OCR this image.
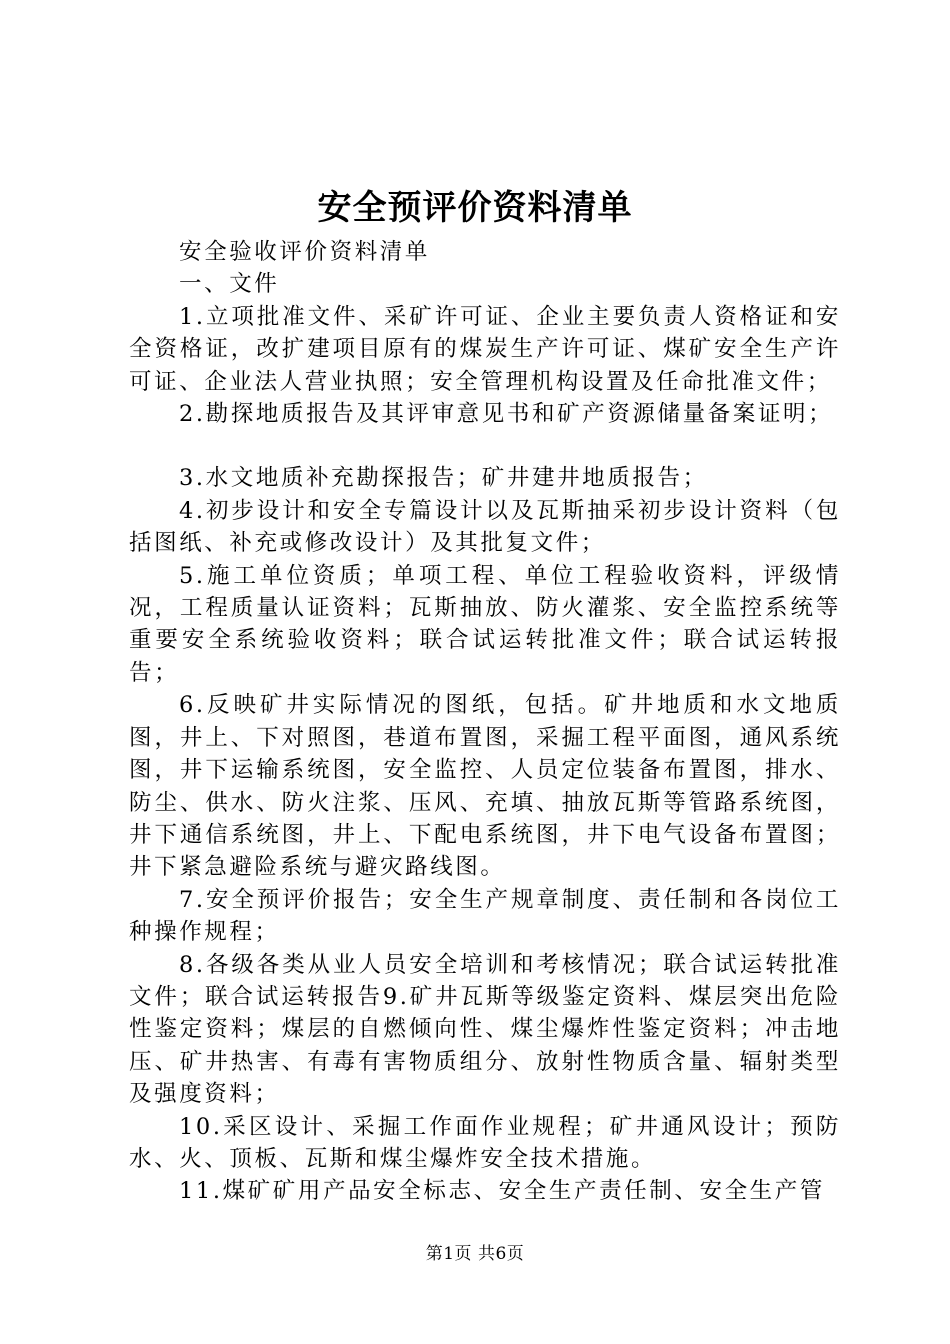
安全预评价资料清单

安全验收评价资料清单

一、文件

1.立项批准文件、采矿许可证、企业主要负责人资格证和安全资格证，改扩建项目原有的煤炭生产许可证、煤矿安全生产许可证、企业法人营业执照；安全管理机构设置及任命批准文件；

2.勘探地质报告及其评审意见书和矿产资源储量备案证明；

3.水文地质补充勘探报告；矿井建井地质报告；

4.初步设计和安全专篇设计以及瓦斯抽采初步设计资料（包括图纸、补充或修改设计）及其批复文件；

5.施工单位资质；单项工程、单位工程验收资料，评级情况，工程质量认证资料；瓦斯抽放、防火灌浆、安全监控系统等重要安全系统验收资料；联合试运转批准文件；联合试运转报告；

6.反映矿井实际情况的图纸，包括。矿井地质和水文地质图，井上、下对照图，巷道布置图，采掘工程平面图，通风系统图，井下运输系统图，安全监控、人员定位装备布置图，排水、防尘、供水、防火注浆、压风、充填、抽放瓦斯等管路系统图，井下通信系统图，井上、下配电系统图，井下电气设备布置图；井下紧急避险系统与避灾路线图。

7.安全预评价报告；安全生产规章制度、责任制和各岗位工种操作规程；

8.各级各类从业人员安全培训和考核情况；联合试运转批准文件；联合试运转报告9.矿井瓦斯等级鉴定资料、煤层突出危险性鉴定资料；煤层的自燃倾向性、煤尘爆炸性鉴定资料；冲击地压、矿井热害、有毒有害物质组分、放射性物质含量、辐射类型及强度资料；

10.采区设计、采掘工作面作业规程；矿井通风设计；预防水、火、顶板、瓦斯和煤尘爆炸安全技术措施。

11.煤矿矿用产品安全标志、安全生产责任制、安全生产管

第1页 共6页
